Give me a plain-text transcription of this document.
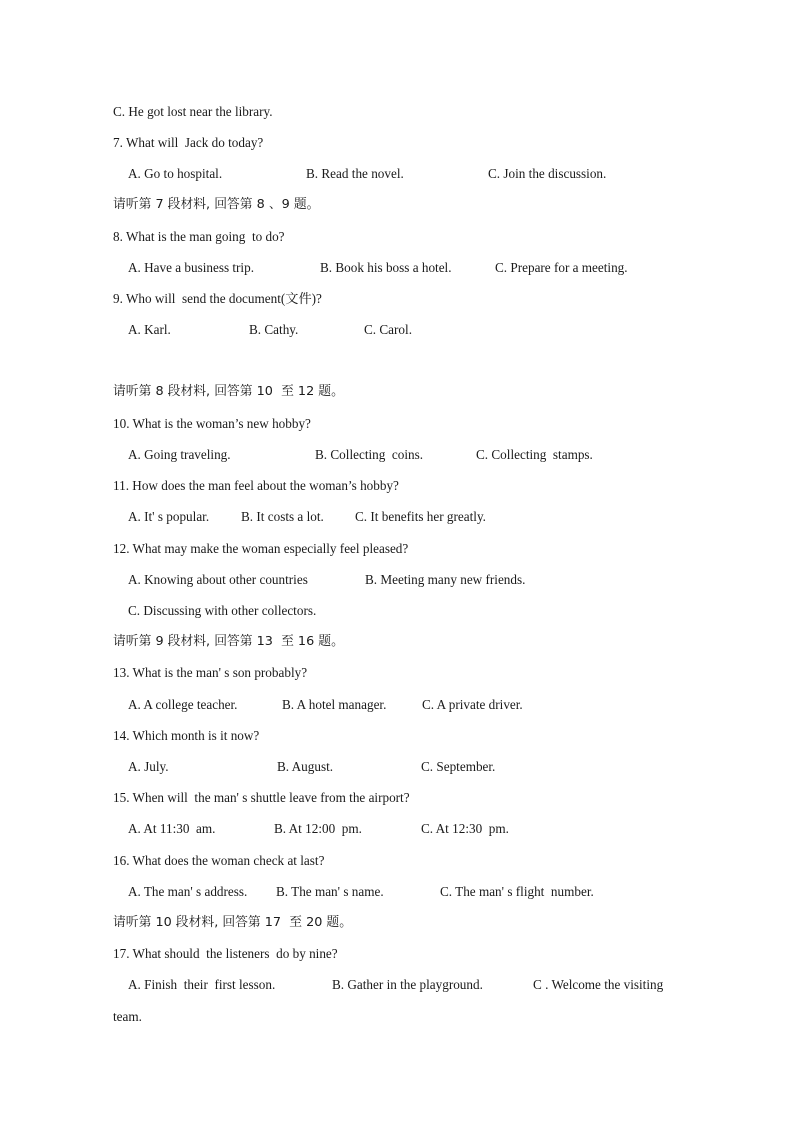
C. He got lost near the library.
7. What will  Jack do today?
A. Go to hospital.	B. Read the novel.	C. Join the discussion.
请听第 7 段材料, 回答第 8 、9 题。
8. What is the man going  to do?
A. Have a business trip.	B. Book his boss a hotel.	C. Prepare for a meeting.
9. Who will  send the document(文件)?
A. Karl.	B. Cathy.	C. Carol.
请听第 8 段材料, 回答第 10  至 12 题。
10. What is the woman’s new hobby?
A. Going traveling.	B. Collecting  coins.	C. Collecting  stamps.
11. How does the man feel about the woman’s hobby?
A. It' s popular. B. It costs a lot. C. It benefits her greatly.
12. What may make the woman especially feel pleased?
A. Knowing about other countries	B. Meeting many new friends.
C. Discussing with other collectors.
请听第 9 段材料, 回答第 13  至 16 题。
13. What is the man' s son probably?
A. A college teacher.	B. A hotel manager.	C. A private driver.
14. Which month is it now?
A. July.	B. August.	C. September.
15. When will  the man' s shuttle leave from the airport?
A. At 11:30  am.	B. At 12:00  pm.	C. At 12:30  pm.
16. What does the woman check at last?
A. The man' s address. B. The man' s name.	C. The man' s flight  number.
请听第 10 段材料, 回答第 17  至 20 题。
17. What should  the listeners  do by nine?
A. Finish  their  first lesson.	B. Gather in the playground.	C . Welcome the visiting
team.
